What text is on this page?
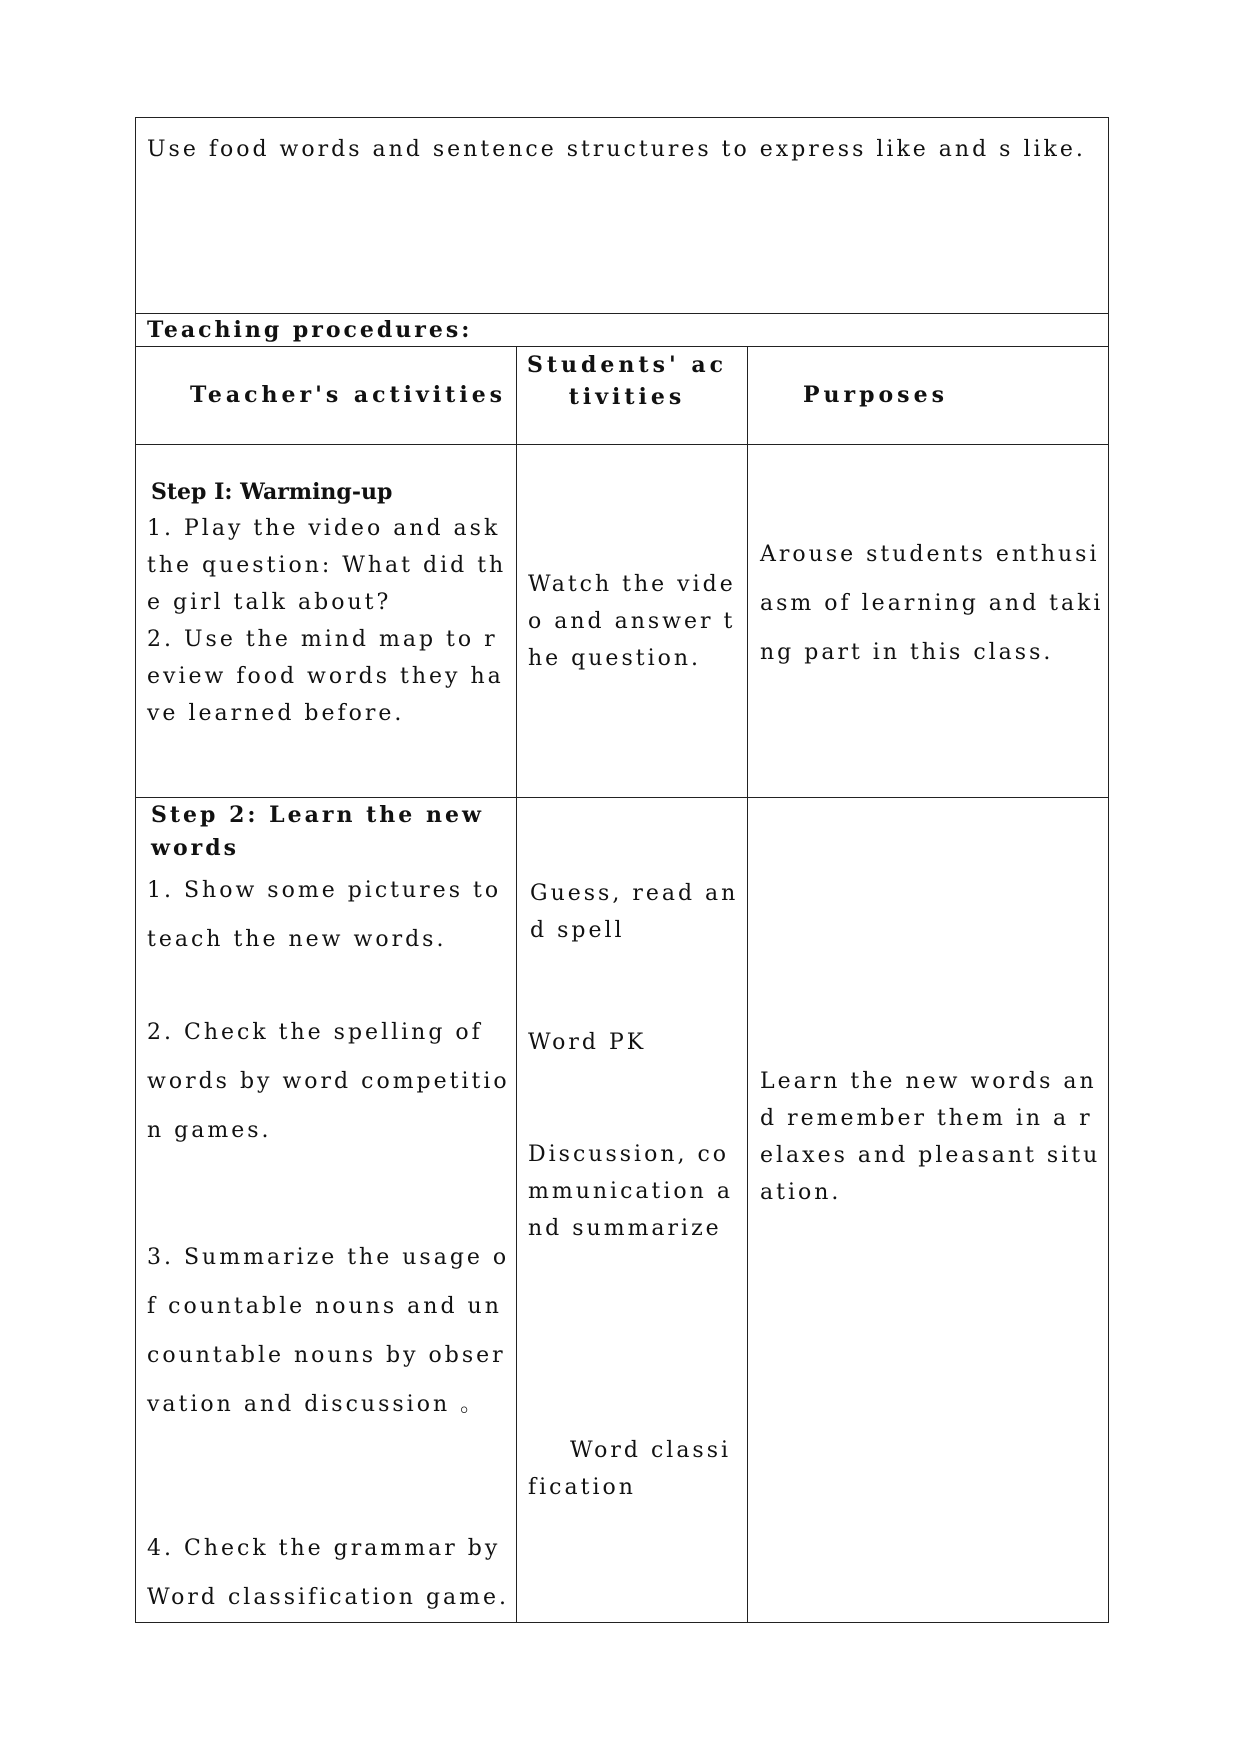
Use food words and sentence structures to express like and s like.
Teaching procedures:
Teacher's activities
Students' activities	Purposes
Step I: Warming-up
1. Play the video and ask the question: What did the girl talk about?
2. Use the mind map to review food words they have learned before.
Watch the video and answer the question.
Arouse students enthusiasm of learning and taking part in this class.
Step 2: Learn the new words
1. Show some pictures to teach the new words.
2. Check the spelling of words by word competition games.
3. Summarize the usage of countable nouns and uncountable nouns by observation and discussion 。
4. Check the grammar by Word classification game.
Guess, read and spell
Word PK
Discussion, communication and summarize
Word classification
Learn the new words and remember them in a relaxes and pleasant situation.
